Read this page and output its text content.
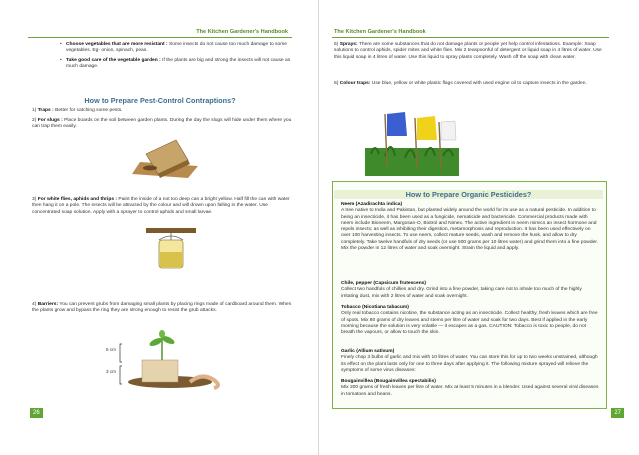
The Kitchen Gardener's Handbook
• Choose vegetables that are more resistant : Some insects do not cause too much damage to some vegetables. Eg- onion, spinach, peas.
• Take good care of the vegetable garden : If the plants are big and strong the insects will not cause as much damage.
How to Prepare Pest-Control Contraptions?
1) Traps : Better for catching some pests.
2) For slugs : Place boards on the soil between garden plants. During the day the slugs will hide under them where you can trap them easily.
3) For white flies, aphids and thrips : Paint the inside of a not too deep can a bright yellow. Half fill the can with water then hang it on a pole. The insects will be attracted by the colour and will drown upon falling in the water. Use concentrated soap solution. Apply with a sprayer to control aphids and small larvae.
4) Barriers: You can prevent grubs from damaging small plants by placing rings made of cardboard around them. When the plants grow and bypass the ring they are strong enough to resist the grub attacks.
5 cm
3 cm
26
The Kitchen Gardener's Handbook
5) Sprays: There are some substances that do not damage plants or people yet help control infestations. Example: Soap solutions to control aphids, spider mites and white flies. Mix 2 teaspoonful of detergent or liquid soap in 4 litres of water. Use this liquid soap in 4 litres of water. Use this liquid to spray plants completely. Wash off the soap with clean water.
6) Colour traps: Use blue, yellow or white plastic flags covered with used engine oil to capture insects in the garden.
How to Prepare Organic Pesticides?
Neem (Azadirachta indica)
A tree native to India and Pakistan, but planted widely around the world for its use as a natural pesticide. In addition to being an insecticide, it has been used as a fungicide, nematicide and bactericide. Commercial products made with neem include Bioneem, Margosan-O, Biotrol and Nimex. The active ingredient in neem mimics an insect hormone and repels insects; as well as inhibiting their digestion, metamorphosis and reproduction. It has been used effectively on over 100 harvesting insects. To use neem, collect mature seeds, wash and remove the husk, and allow to dry completely. Take twelve handfuls of dry seeds (or use 500 grams per 10 litres water) and grind them into a fine powder. Mix the powder in 12 litres of water and soak overnight. Strain the liquid and apply.
Chile, pepper (Capsicum frutescens)
Collect two handfuls of chillies and dry. Grind into a fine powder, taking care not to inhale too much of the highly irritating dust, mix with 2 litres of water and soak overnight.
Tobacco (Nicotiana tabacum)
Only real tobacco contains nicotine, the substance acting as an insecticide. Collect healthy, fresh leaves which are free of spots. Mix 80 grams of dry leaves and stems per litre of water and soak for two days. Best if applied in the early morning because the solution is very volatile — it escapes as a gas. CAUTION: Tobacco is toxic to people, do not breath the vapours, or allow to touch the skin.
Garlic (Allium sativum)
Finely chop 3 bulbs of garlic and mix with 10 litres of water. You can store this for up to two weeks unstrained, although its effect on the plant lasts only for one to three days after applying it. The following mixture sprayed will relieve the symptoms of some virus diseases:
Bougainvillea (Bougainvillea spectabilis)
Mix 200 grams of fresh leaves per litre of water. Mix at least 5 minutes in a blender. Used against several viral diseases in tomatoes and beans.
27
